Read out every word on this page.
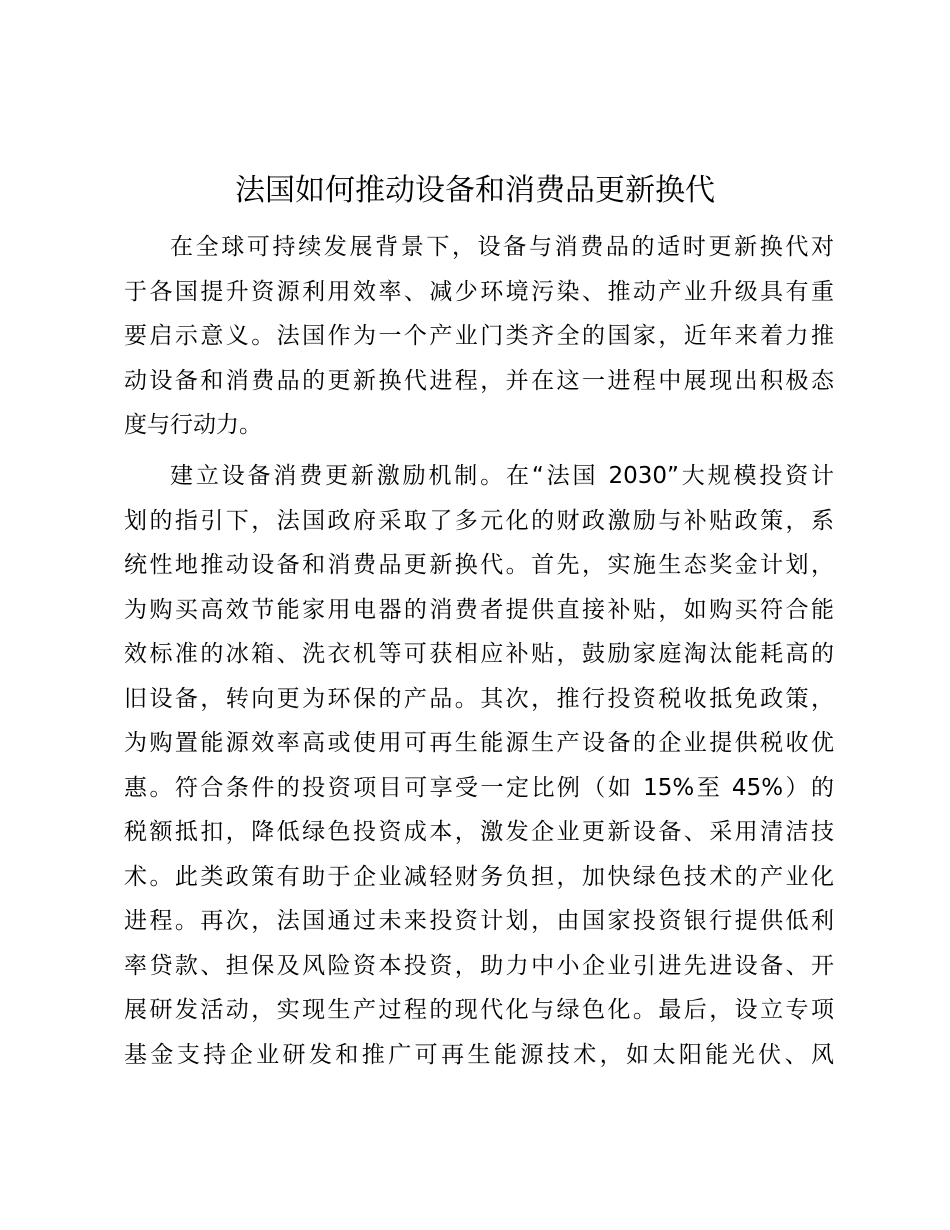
法国如何推动设备和消费品更新换代
在全球可持续发展背景下，设备与消费品的适时更新换代对
于各国提升资源利用效率、减少环境污染、推动产业升级具有重
要启示意义。法国作为一个产业门类齐全的国家，近年来着力推
动设备和消费品的更新换代进程，并在这一进程中展现出积极态
度与行动力。
建立设备消费更新激励机制。在“法国 2030”大规模投资计
划的指引下，法国政府采取了多元化的财政激励与补贴政策，系
统性地推动设备和消费品更新换代。首先，实施生态奖金计划，
为购买高效节能家用电器的消费者提供直接补贴，如购买符合能
效标准的冰箱、洗衣机等可获相应补贴，鼓励家庭淘汰能耗高的
旧设备，转向更为环保的产品。其次，推行投资税收抵免政策，
为购置能源效率高或使用可再生能源生产设备的企业提供税收优
惠。符合条件的投资项目可享受一定比例（如 15%至 45%）的
税额抵扣，降低绿色投资成本，激发企业更新设备、采用清洁技
术。此类政策有助于企业减轻财务负担，加快绿色技术的产业化
进程。再次，法国通过未来投资计划，由国家投资银行提供低利
率贷款、担保及风险资本投资，助力中小企业引进先进设备、开
展研发活动，实现生产过程的现代化与绿色化。最后，设立专项
基金支持企业研发和推广可再生能源技术，如太阳能光伏、风
